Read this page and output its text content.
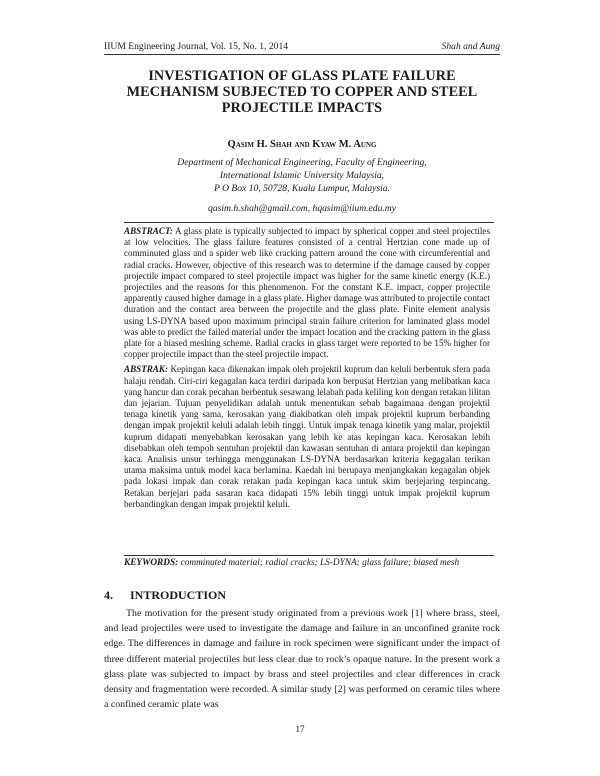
IIUM Engineering Journal, Vol. 15, No. 1, 2014	Shah and Aung
INVESTIGATION OF GLASS PLATE FAILURE
MECHANISM SUBJECTED TO COPPER AND STEEL
PROJECTILE IMPACTS
Qasim H. Shah and Kyaw M. Aung
Department of Mechanical Engineering, Faculty of Engineering,
International Islamic University Malaysia,
P O Box 10, 50728, Kuala Lumpur, Malaysia.
qasim.h.shah@gmail.com, hqasim@iium.edu.my

ABSTRACT: A glass plate is typically subjected to impact by spherical copper and steel projectiles at low velocities. The glass failure features consisted of a central Hertzian cone made up of comminuted glass and a spider web like cracking pattern around the cone with circumferential and radial cracks. However, objective of this research was to determine if the damage caused by copper projectile impact compared to steel projectile impact was higher for the same kinetic energy (K.E.) projectiles and the reasons for this phenomenon. For the constant K.E. impact, copper projectile apparently caused higher damage in a glass plate. Higher damage was attributed to projectile contact duration and the contact area between the projectile and the glass plate. Finite element analysis using LS-DYNA based upon maximum principal strain failure criterion for laminated glass model was able to predict the failed material under the impact location and the cracking pattern in the glass plate for a biased meshing scheme. Radial cracks in glass target were reported to be 15% higher for copper projectile impact than the steel projectile impact.

ABSTRAK: Kepingan kaca dikenakan impak oleh projektil kuprum dan keluli berbentuk sfera pada halaju rendah. Ciri-ciri kegagalan kaca terdiri daripada kon berpusat Hertzian yang melibatkan kaca yang hancur dan corak pecahan berbentuk sesawang lelabah pada keliling kon dengan retakan lilitan dan jejarian. Tujuan penyelidikan adalah untuk menentukan sebab bagaimana dengan projektil tenaga kinetik yang sama, kerosakan yang diakibatkan oleh impak projektil kuprum berbanding dengan impak projektil keluli adalah lebih tinggi. Untuk impak tenaga kinetik yang malar, projektil kuprum didapati menyebabkan kerosakan yang lebih ke atas kepingan kaca. Kerosakan lebih disebabkan oleh tempoh sentuhan projektil dan kawasan sentuhan di antara projektil dan kepingan kaca. Analisis unsur terhingga menggunakan LS-DYNA berdasarkan kriteria kegagalan terikan utama maksima untuk model kaca berlamina. Kaedah ini berupaya menjangkakan kegagalan objek pada lokasi impak dan corak retakan pada kepingan kaca untuk skim berjejaring terpincang. Retakan berjejari pada sasaran kaca didapati 15% lebih tinggi untuk impak projektil kuprum berbandingkan dengan impak projektil keluli.

KEYWORDS: comminuted material; radial cracks; LS-DYNA; glass failure; biased mesh
4. INTRODUCTION

The motivation for the present study originated from a previous work [1] where brass, steel, and lead projectiles were used to investigate the damage and failure in an unconfined granite rock edge. The differences in damage and failure in rock specimen were significant under the impact of three different material projectiles but less clear due to rock’s opaque nature. In the present work a glass plate was subjected to impact by brass and steel projectiles and clear differences in crack density and fragmentation were recorded. A similar study [2] was performed on ceramic tiles where a confined ceramic plate was

17
